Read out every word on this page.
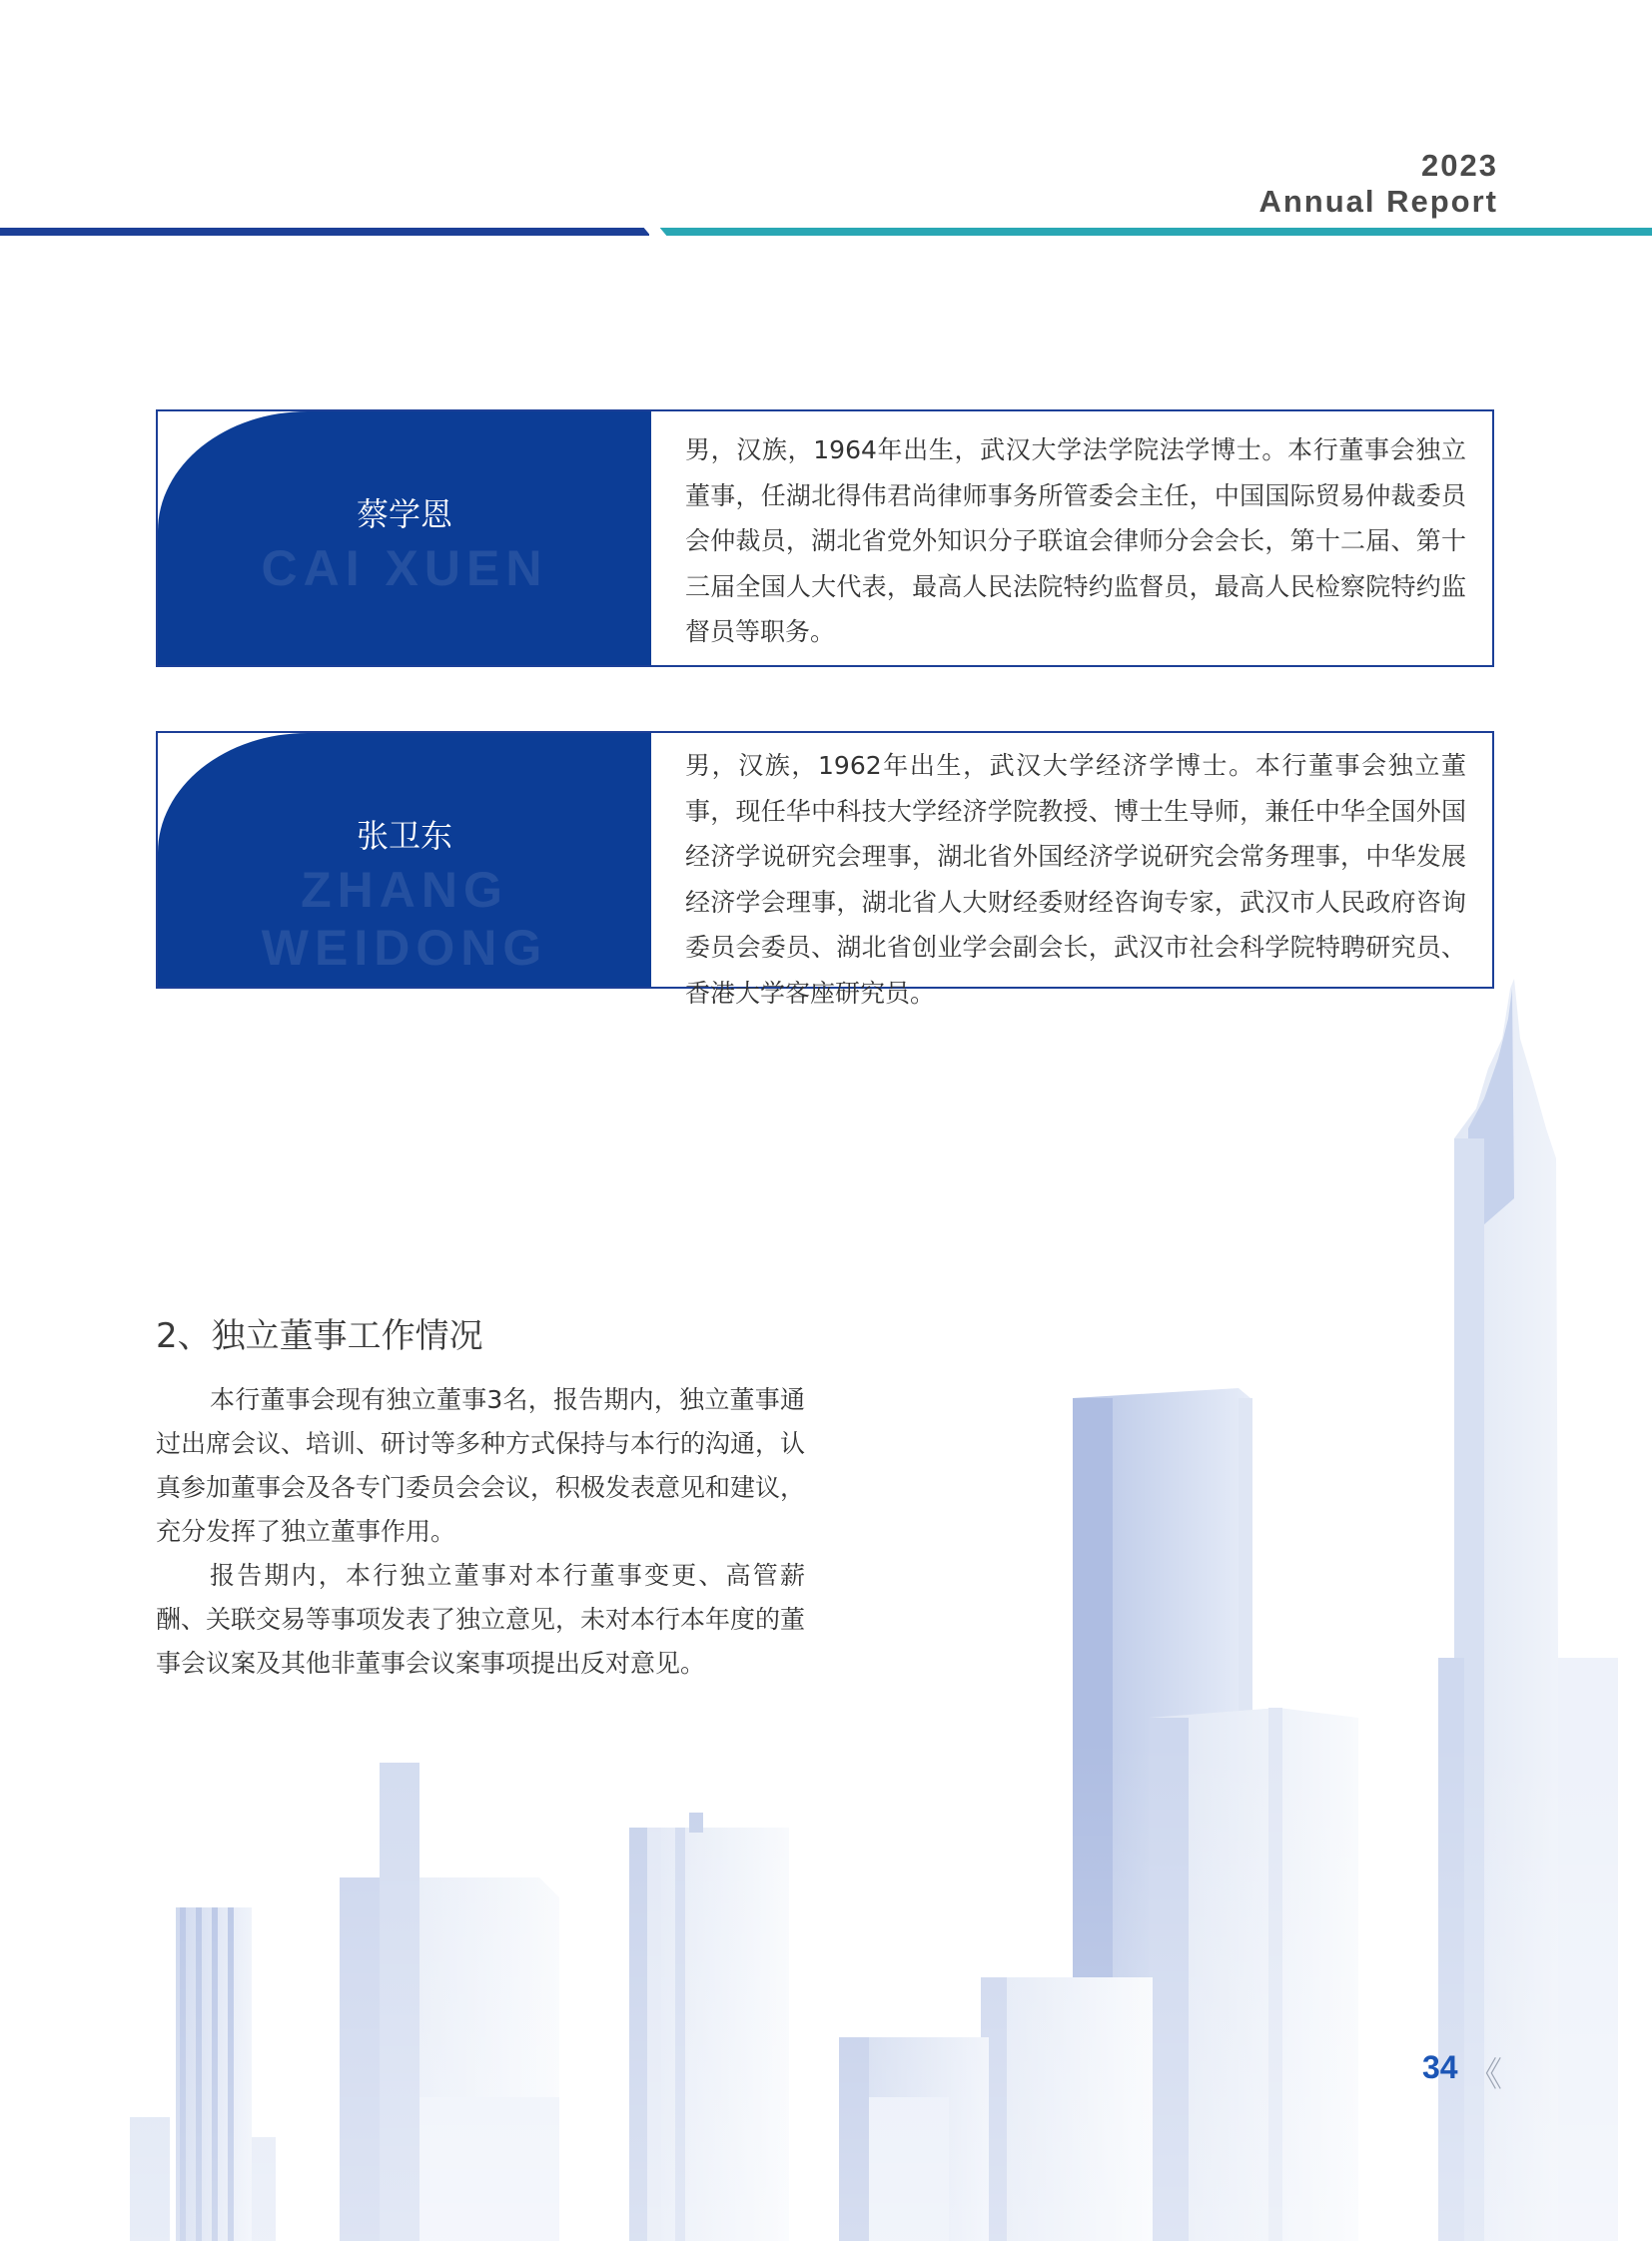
2023
Annual Report
蔡学恩
CAI XUEN
男，汉族，1964年出生，武汉大学法学院法学博士。本行董事会独立董事，任湖北得伟君尚律师事务所管委会主任，中国国际贸易仲裁委员会仲裁员，湖北省党外知识分子联谊会律师分会会长，第十二届、第十三届全国人大代表，最高人民法院特约监督员，最高人民检察院特约监督员等职务。
张卫东
ZHANG WEIDONG
男，汉族，1962年出生，武汉大学经济学博士。本行董事会独立董事，现任华中科技大学经济学院教授、博士生导师，兼任中华全国外国经济学说研究会理事，湖北省外国经济学说研究会常务理事，中华发展经济学会理事，湖北省人大财经委财经咨询专家，武汉市人民政府咨询委员会委员、湖北省创业学会副会长，武汉市社会科学院特聘研究员、香港大学客座研究员。
2、独立董事工作情况
本行董事会现有独立董事3名，报告期内，独立董事通过出席会议、培训、研讨等多种方式保持与本行的沟通，认真参加董事会及各专门委员会会议，积极发表意见和建议，充分发挥了独立董事作用。
报告期内，本行独立董事对本行董事变更、高管薪酬、关联交易等事项发表了独立意见，未对本行本年度的董事会议案及其他非董事会议案事项提出反对意见。
34 《
